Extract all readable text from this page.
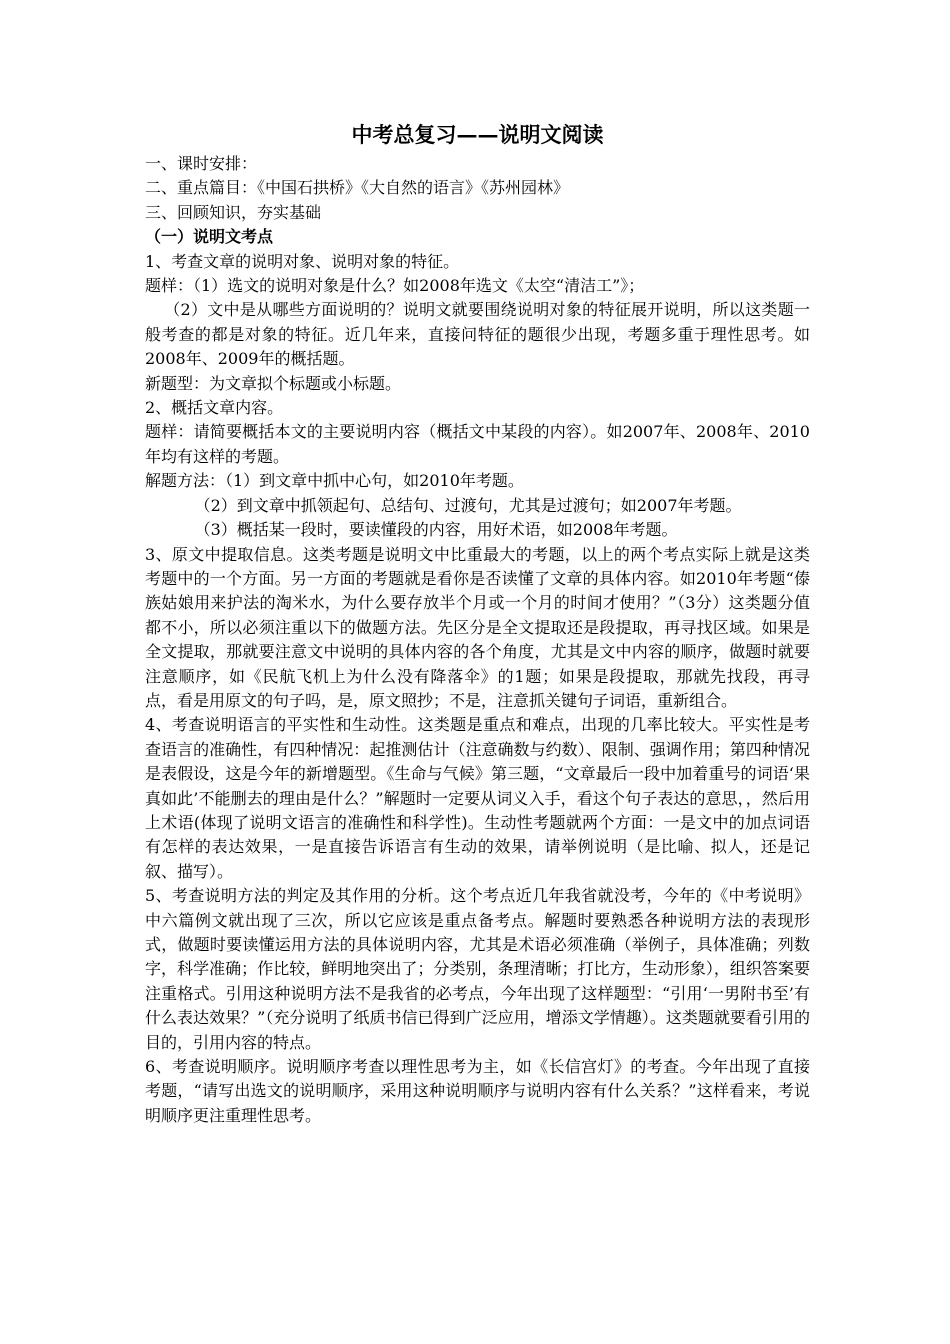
中考总复习——说明文阅读

一、课时安排：

二、重点篇目：《中国石拱桥》《大自然的语言》《苏州园林》

三、回顾知识，夯实基础

（一）说明文考点

1、考查文章的说明对象、说明对象的特征。

题样：（1）选文的说明对象是什么？如2008年选文《太空“清洁工”》；

（2）文中是从哪些方面说明的？说明文就要围绕说明对象的特征展开说明，所以这类题一般考查的都是对象的特征。近几年来，直接问特征的题很少出现，考题多重于理性思考。如2008年、2009年的概括题。

新题型：为文章拟个标题或小标题。

2、概括文章内容。

题样：请简要概括本文的主要说明内容（概括文中某段的内容）。如2007年、2008年、2010年均有这样的考题。

解题方法：（1）到文章中抓中心句，如2010年考题。

（2）到文章中抓领起句、总结句、过渡句，尤其是过渡句；如2007年考题。

（3）概括某一段时，要读懂段的内容，用好术语，如2008年考题。

3、原文中提取信息。这类考题是说明文中比重最大的考题，以上的两个考点实际上就是这类考题中的一个方面。另一方面的考题就是看你是否读懂了文章的具体内容。如2010年考题“傣族姑娘用来护法的淘米水，为什么要存放半个月或一个月的时间才使用？”（3分）这类题分值都不小，所以必须注重以下的做题方法。先区分是全文提取还是段提取，再寻找区域。如果是全文提取，那就要注意文中说明的具体内容的各个角度，尤其是文中内容的顺序，做题时就要注意顺序，如《民航飞机上为什么没有降落伞》的1题；如果是段提取，那就先找段，再寻点，看是用原文的句子吗，是，原文照抄；不是，注意抓关键句子词语，重新组合。

4、考查说明语言的平实性和生动性。这类题是重点和难点，出现的几率比较大。平实性是考查语言的准确性，有四种情况：起推测估计（注意确数与约数）、限制、强调作用；第四种情况是表假设，这是今年的新增题型。《生命与气候》第三题，“文章最后一段中加着重号的词语‘果真如此’不能删去的理由是什么？”解题时一定要从词义入手，看这个句子表达的意思，，然后用上术语(体现了说明文语言的准确性和科学性)。生动性考题就两个方面：一是文中的加点词语有怎样的表达效果，一是直接告诉语言有生动的效果，请举例说明（是比喻、拟人，还是记叙、描写）。

5、考查说明方法的判定及其作用的分析。这个考点近几年我省就没考，今年的《中考说明》中六篇例文就出现了三次，所以它应该是重点备考点。解题时要熟悉各种说明方法的表现形式，做题时要读懂运用方法的具体说明内容，尤其是术语必须准确（举例子，具体准确；列数字，科学准确；作比较，鲜明地突出了；分类别，条理清晰；打比方，生动形象），组织答案要注重格式。引用这种说明方法不是我省的必考点，今年出现了这样题型：“引用‘一男附书至’有什么表达效果？”（充分说明了纸质书信已得到广泛应用，增添文学情趣）。这类题就要看引用的目的，引用内容的特点。

6、考查说明顺序。说明顺序考查以理性思考为主，如《长信宫灯》的考查。今年出现了直接考题，“请写出选文的说明顺序，采用这种说明顺序与说明内容有什么关系？”这样看来，考说明顺序更注重理性思考。
